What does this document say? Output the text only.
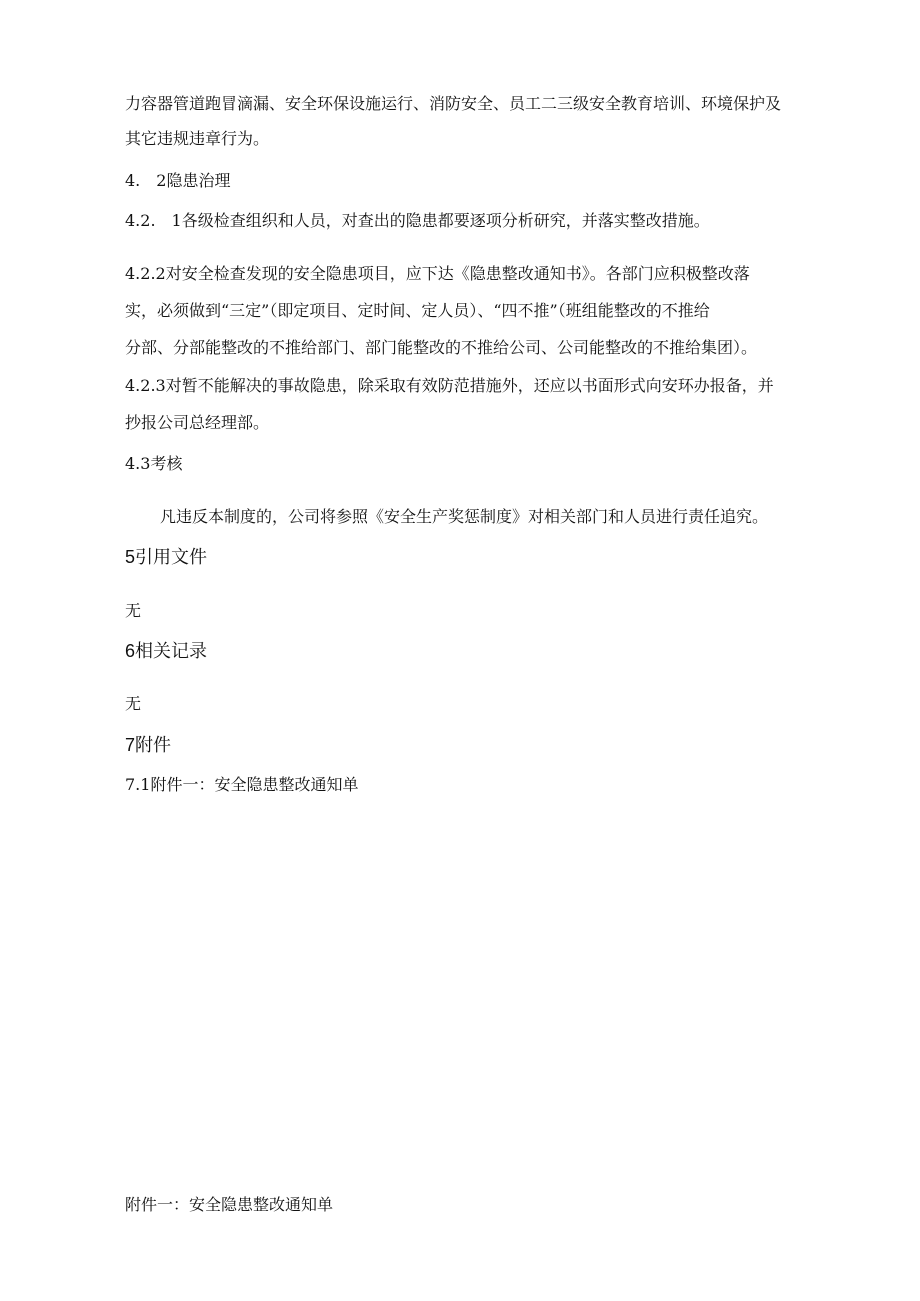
力容器管道跑冒滴漏、安全环保设施运行、消防安全、员工二三级安全教育培训、环境保护及
其它违规违章行为。
4.　2隐患治理
4.2.　1各级检查组织和人员，对查出的隐患都要逐项分析研究，并落实整改措施。
4.2.2对安全检查发现的安全隐患项目，应下达《隐患整改通知书》。各部门应积极整改落
实，必须做到“三定”（即定项目、定时间、定人员）、“四不推”（班组能整改的不推给
分部、分部能整改的不推给部门、部门能整改的不推给公司、公司能整改的不推给集团）。
4.2.3对暂不能解决的事故隐患，除采取有效防范措施外，还应以书面形式向安环办报备，并
抄报公司总经理部。
4.3考核
凡违反本制度的，公司将参照《安全生产奖惩制度》对相关部门和人员进行责任追究。
5引用文件
无
6相关记录
无
7附件
7.1附件一：安全隐患整改通知单
附件一：安全隐患整改通知单
